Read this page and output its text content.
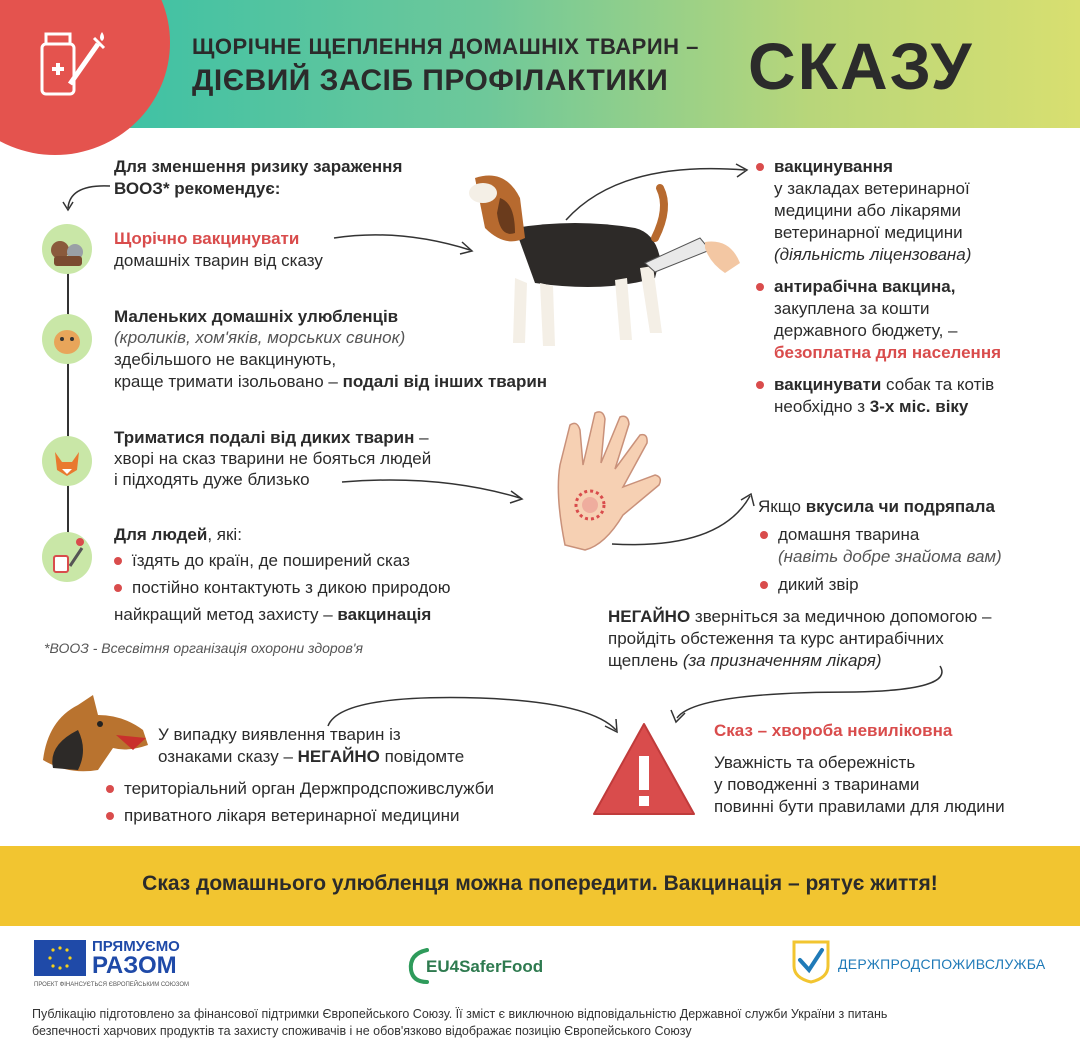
ЩОРІЧНЕ ЩЕПЛЕННЯ ДОМАШНІХ ТВАРИН –
ДІЄВИЙ ЗАСІБ ПРОФІЛАКТИКИ СКАЗУ
Для зменшення ризику зараження
ВООЗ* рекомендує:
Щорічно вакцинувати
домашніх тварин від сказу
Маленьких домашніх улюбленців
(кроликів, хом'яків, морських свинок)
здебільшого не вакцинують,
краще тримати ізольовано – подалі від інших тварин
Триматися подалі від диких тварин –
хворі на сказ тварини не бояться людей
і підходять дуже близько
Для людей, які:
їздять до країн, де поширений сказ
постійно контактують з дикою природою
найкращий метод захисту – вакцинація
*ВООЗ - Всесвітня організація охорони здоров'я
вакцинування
у закладах ветеринарної
медицини або лікарями
ветеринарної медицини
(діяльність ліцензована)
антирабічна вакцина,
закуплена за кошти
державного бюджету, –
безоплатна для населення
вакцинувати собак та котів
необхідно з 3-х міс. віку
Якщо вкусила чи подряпала
домашня тварина
(навіть добре знайома вам)
дикий звір
НЕГАЙНО зверніться за медичною допомогою –
пройдіть обстеження та курс антирабічних
щеплень (за призначенням лікаря)
У випадку виявлення тварин із
ознаками сказу – НЕГАЙНО повідомте
територіальний орган Держпродспоживслужби
приватного лікаря ветеринарної медицини
Сказ – хвороба невиліковна
Уважність та обережність
у поводженні з тваринами
повинні бути правилами для людини
Сказ домашнього улюбленця можна попередити. Вакцинація – рятує життя!
ПРЯМУЄМО
РАЗОМ
ПРОЕКТ ФІНАНСУЄТЬСЯ ЄВРОПЕЙСЬКИМ СОЮЗОМ
EU4SaferFood	ДЕРЖПРОДСПОЖИВСЛУЖБА
Публікацію підготовлено за фінансової підтримки Європейського Союзу. Її зміст є виключною відповідальністю Державної служби України з питань
безпечності харчових продуктів та захисту споживачів і не обов'язково відображає позицію Європейського Союзу
